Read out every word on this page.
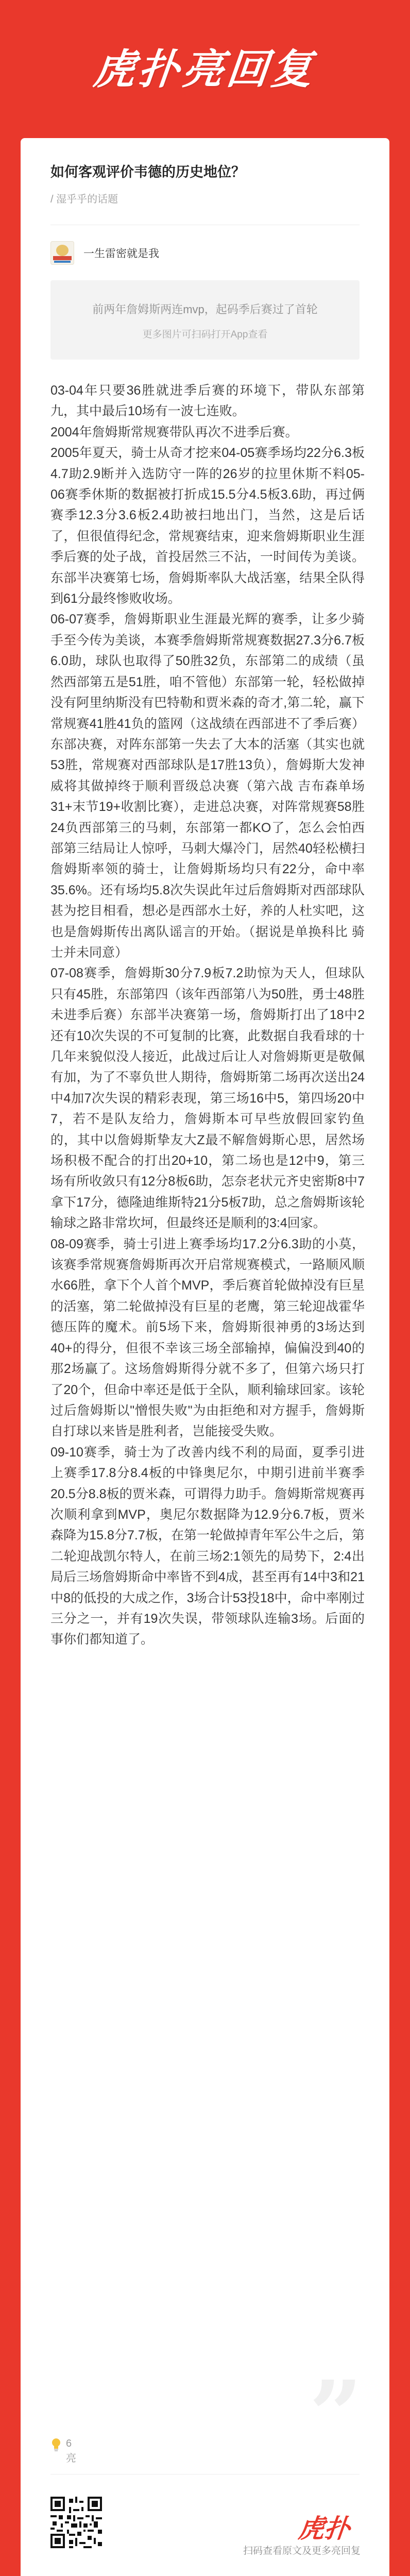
虎扑亮回复
如何客观评价韦德的历史地位？
/ 湿乎乎的话题
一生雷密就是我
前两年詹姆斯两连mvp，起码季后赛过了首轮
更多图片可扫码打开App查看

03-04年只要36胜就进季后赛的环境下，带队东部第九，其中最后10场有一波七连败。

2004年詹姆斯常规赛带队再次不进季后赛。

2005年夏天，骑士从奇才挖来04-05赛季场均22分6.3板4.7助2.9断并入选防守一阵的26岁的拉里休斯不料05-06赛季休斯的数据被打折成15.5分4.5板3.6助，再过俩赛季12.3分3.6板2.4助被扫地出门，当然，这是后话了，但很值得纪念，常规赛结束，迎来詹姆斯职业生涯季后赛的处子战，首投居然三不沾，一时间传为美谈。东部半决赛第七场，詹姆斯率队大战活塞，结果全队得到61分最终惨败收场。

06-07赛季，詹姆斯职业生涯最光辉的赛季，让多少骑手至今传为美谈，本赛季詹姆斯常规赛数据27.3分6.7板6.0助，球队也取得了50胜32负，东部第二的成绩（虽然西部第五是51胜，咱不管他）东部第一轮，轻松做掉没有阿里纳斯没有巴特勒和贾米森的奇才,第二轮，赢下常规赛41胜41负的篮网（这战绩在西部进不了季后赛）东部决赛，对阵东部第一失去了大本的活塞（其实也就53胜，常规赛对西部球队是17胜13负），詹姆斯大发神威将其做掉终于顺利晋级总决赛（第六战 吉布森单场31+末节19+收割比赛），走进总决赛，对阵常规赛58胜24负西部第三的马刺，东部第一都KO了，怎么会怕西部第三结局让人惊呼，马刺大爆冷门，居然40轻松横扫詹姆斯率领的骑士，让詹姆斯场均只有22分，命中率35.6%。还有场均5.8次失误此年过后詹姆斯对西部球队甚为挖目相看，想必是西部水土好，养的人杜实吧，这也是詹姆斯传出离队谣言的开始。（据说是单换科比 骑士并未同意）

07-08赛季，詹姆斯30分7.9板7.2助惊为天人，但球队只有45胜，东部第四（该年西部第八为50胜，勇士48胜未进季后赛）东部半决赛第一场，詹姆斯打出了18中2还有10次失误的不可复制的比赛，此数据自我看球的十几年来貌似没人接近，此战过后让人对詹姆斯更是敬佩有加，为了不辜负世人期待，詹姆斯第二场再次送出24中4加7次失误的精彩表现，第三场16中5，第四场20中7，若不是队友给力，詹姆斯本可早些放假回家钓鱼的，其中以詹姆斯挚友大Z最不解詹姆斯心思，居然场场积极不配合的打出20+10，第二场也是12中9，第三场有所收敛只有12分8板6助，怎奈老状元齐史密斯8中7拿下17分，德隆迪维斯特21分5板7助，总之詹姆斯该轮输球之路非常坎坷，但最终还是顺利的3:4回家。

08-09赛季，骑士引进上赛季场均17.2分6.3助的小莫，该赛季常规赛詹姆斯再次开启常规赛模式，一路顺风顺水66胜，拿下个人首个MVP，季后赛首轮做掉没有巨星的活塞，第二轮做掉没有巨星的老鹰，第三轮迎战霍华德压阵的魔术。前5场下来，詹姆斯很神勇的3场达到40+的得分，但很不幸该三场全部输掉，偏偏没到40的那2场赢了。这场詹姆斯得分就不多了，但第六场只打了20个，但命中率还是低于全队，顺利输球回家。该轮过后詹姆斯以"憎恨失败"为由拒绝和对方握手，詹姆斯自打球以来皆是胜利者，岂能接受失败。

09-10赛季，骑士为了改善内线不利的局面，夏季引进上赛季17.8分8.4板的中锋奥尼尔，中期引进前半赛季20.5分8.8板的贾米森，可谓得力助手。詹姆斯常规赛再次顺利拿到MVP，奥尼尔数据降为12.9分6.7板，贾米森降为15.8分7.7板，在第一轮做掉青年军公牛之后，第二轮迎战凯尔特人，在前三场2:1领先的局势下，2:4出局后三场詹姆斯命中率皆不到4成，甚至再有14中3和21中8的低投的大成之作，3场合计53投18中，命中率刚过三分之一，并有19次失误，带领球队连输3场。后面的事你们都知道了。

”
6亮
虎扑
扫码查看原文及更多亮回复
